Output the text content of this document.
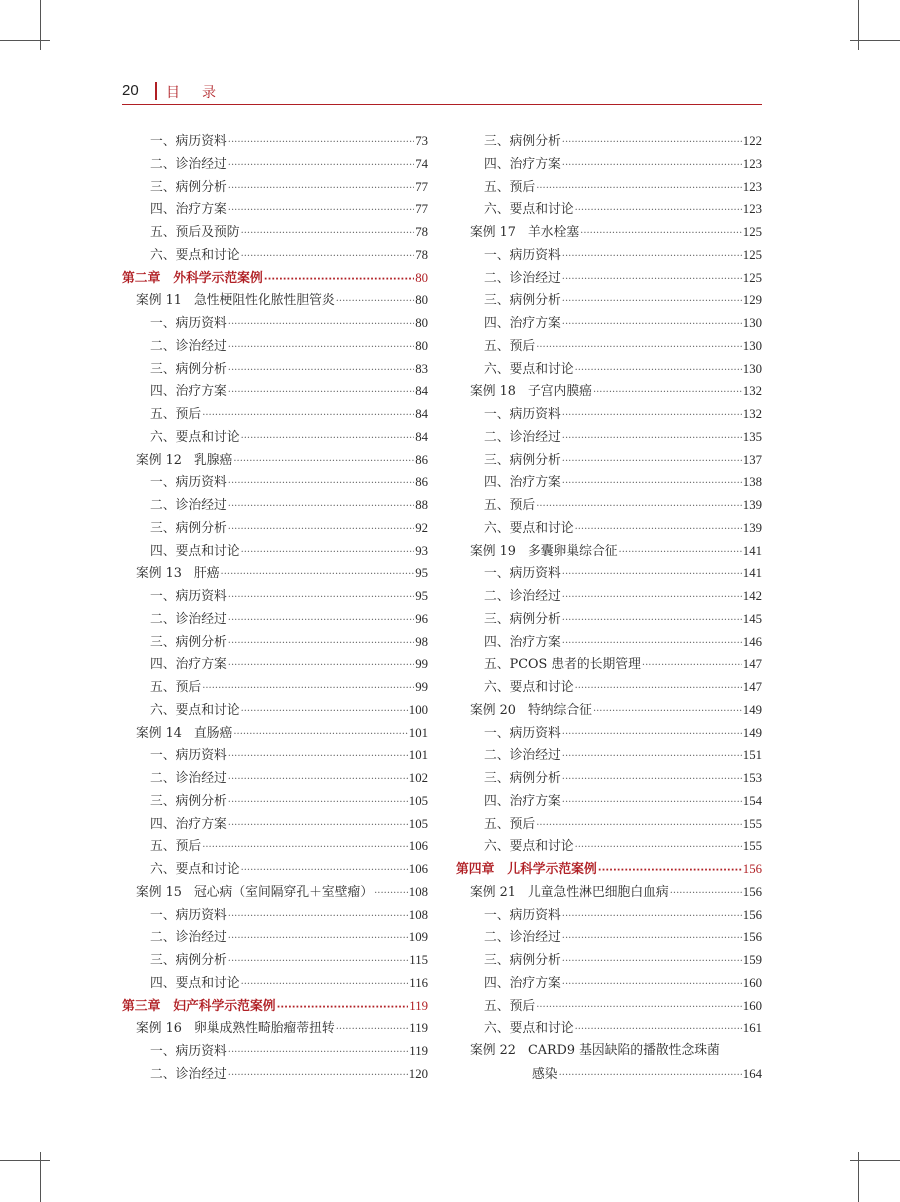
20 目录
一、病历资料 ·····	73
二、诊治经过 ·····	74
三、病例分析 ·····	77
四、治疗方案 ·····	77
五、预后及预防 ·····	78
六、要点和讨论 ·····	78
第二章　外科学示范案例 ·····	80
案例 11 急性梗阻性化脓性胆管炎 ·····	80
一、病历资料 ·····	80
二、诊治经过 ·····	80
三、病例分析 ·····	83
四、治疗方案 ·····	84
五、预后 ·····	84
六、要点和讨论 ·····	84
案例 12 乳腺癌 ·····	86
一、病历资料 ·····	86
二、诊治经过 ·····	88
三、病例分析 ·····	92
四、要点和讨论 ·····	93
案例 13 肝癌 ·····	95
一、病历资料 ·····	95
二、诊治经过 ·····	96
三、病例分析 ·····	98
四、治疗方案 ·····	99
五、预后 ·····	99
六、要点和讨论 ·····	100
案例 14 直肠癌 ·····	101
一、病历资料 ·····	101
二、诊治经过 ·····	102
三、病例分析 ·····	105
四、治疗方案 ·····	105
五、预后 ·····	106
六、要点和讨论 ·····	106
案例 15 冠心病（室间隔穿孔＋室壁瘤） ·····	108
一、病历资料 ·····	108
二、诊治经过 ·····	109
三、病例分析 ·····	115
四、要点和讨论 ·····	116
第三章　妇产科学示范案例 ·····	119
案例 16 卵巢成熟性畸胎瘤蒂扭转 ·····	119
一、病历资料 ·····	119
二、诊治经过 ·····	120
三、病例分析 ·····	122
四、治疗方案 ·····	123
五、预后 ·····	123
六、要点和讨论 ·····	123
案例 17 羊水栓塞 ·····	125
一、病历资料 ·····	125
二、诊治经过 ·····	125
三、病例分析 ·····	129
四、治疗方案 ·····	130
五、预后 ·····	130
六、要点和讨论 ·····	130
案例 18 子宫内膜癌 ·····	132
一、病历资料 ·····	132
二、诊治经过 ·····	135
三、病例分析 ·····	137
四、治疗方案 ·····	138
五、预后 ·····	139
六、要点和讨论 ·····	139
案例 19 多囊卵巢综合征 ·····	141
一、病历资料 ·····	141
二、诊治经过 ·····	142
三、病例分析 ·····	145
四、治疗方案 ·····	146
五、PCOS 患者的长期管理 ·····	147
六、要点和讨论 ·····	147
案例 20 特纳综合征 ·····	149
一、病历资料 ·····	149
二、诊治经过 ·····	151
三、病例分析 ·····	153
四、治疗方案 ·····	154
五、预后 ·····	155
六、要点和讨论 ·····	155
第四章　儿科学示范案例 ·····	156
案例 21 儿童急性淋巴细胞白血病 ·····	156
一、病历资料 ·····	156
二、诊治经过 ·····	156
三、病例分析 ·····	159
四、治疗方案 ·····	160
五、预后 ·····	160
六、要点和讨论 ·····	161
案例 22 CARD9 基因缺陷的播散性念珠菌
感染 ·····	164
